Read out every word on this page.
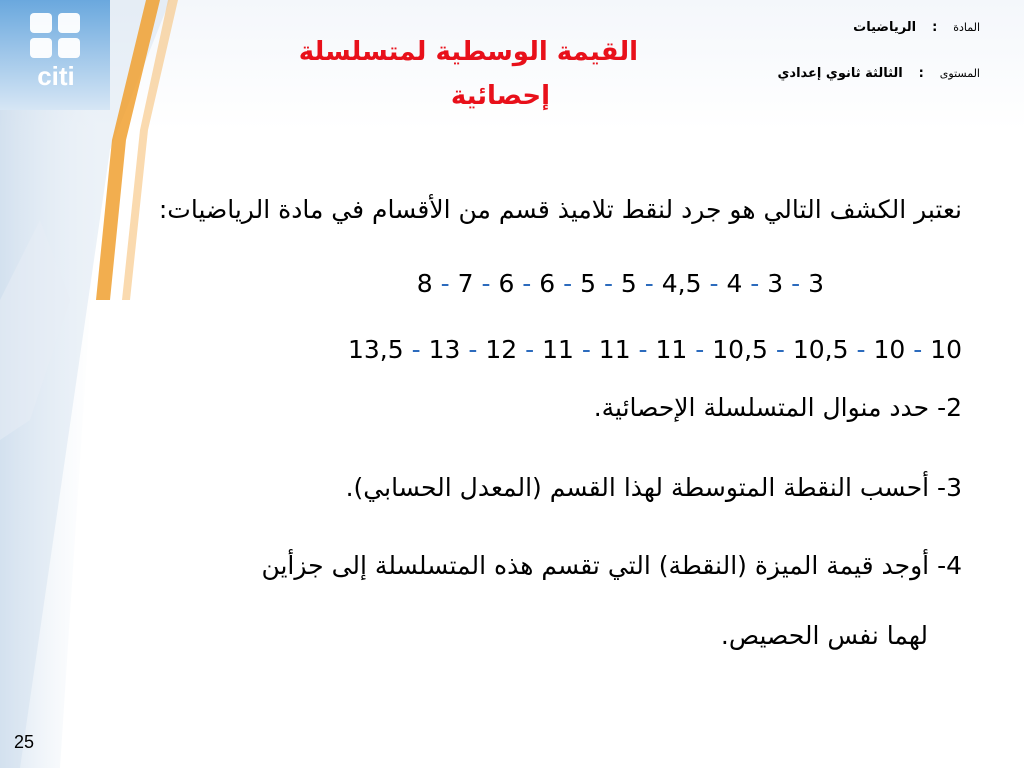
citi
القيمة الوسطية لمتسلسلة
إحصائية
المادة : الرياضيات
المستوى : الثالثة ثانوي إعدادي
نعتبر الكشف التالي هو جرد لنقط تلاميذ قسم من الأقسام في مادة الرياضيات:
3 - 3 - 4 - 4,5 - 5 - 5 - 6 - 6 - 7 - 8
10 - 10 - 10,5 - 10,5 - 11 - 11 - 11 - 12 - 13 - 13,5
2- حدد منوال المتسلسلة الإحصائية.
3- أحسب النقطة المتوسطة لهذا القسم (المعدل الحسابي).
4- أوجد قيمة الميزة (النقطة) التي تقسم هذه المتسلسلة إلى جزأين
لهما نفس الحصيص.
25
